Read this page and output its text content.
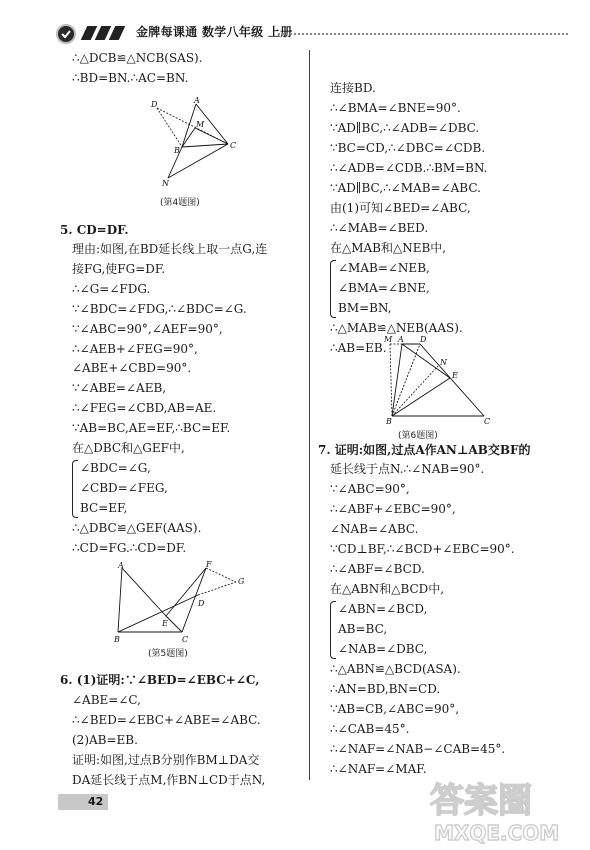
金牌每课通 数学八年级 上册
∴△DCB≌△NCB(SAS).
∴BD=BN.∴AC=BN.
D	A
M
B
C
N
(第4题图)
5. CD=DF.
理由:如图,在BD延长线上取一点G,连
接FG,使FG=DF.
∴∠G=∠FDG.
∵∠BDC=∠FDG,∴∠BDC=∠G.
∵∠ABC=90°,∠AEF=90°,
∴∠AEB+∠FEG=90°,
∠ABE+∠CBD=90°.
∵∠ABE=∠AEB,
∴∠FEG=∠CBD,AB=AE.
∵AB=BC,AE=EF,∴BC=EF.
在△DBC和△GEF中,
∠BDC=∠G,
∠CBD=∠FEG,
BC=EF,
∴△DBC≌△GEF(AAS).
∴CD=FG.∴CD=DF.
A	F
G
D
E
B	C
(第5题图)
6. (1)证明:∵∠BED=∠EBC+∠C,
∠ABE=∠C,
∴∠BED=∠EBC+∠ABE=∠ABC.
(2)AB=EB.
证明:如图,过点B分别作BM⊥DA交
DA延长线于点M,作BN⊥CD于点N,
连接BD.
∴∠BMA=∠BNE=90°.
∵AD∥BC,∴∠ADB=∠DBC.
∵BC=CD,∴∠DBC=∠CDB.
∴∠ADB=∠CDB.∴BM=BN.
∵AD∥BC,∴∠MAB=∠ABC.
由(1)可知∠BED=∠ABC,
∴∠MAB=∠BED.
在△MAB和△NEB中,
∠MAB=∠NEB,
∠BMA=∠BNE,
BM=BN,
∴△MAB≌△NEB(AAS).
∴AB=EB.
M A D
N
E
B	C
(第6题图)
7. 证明:如图,过点A作AN⊥AB交BF的
延长线于点N.∴∠NAB=90°.
∵∠ABC=90°,
∴∠ABF+∠EBC=90°,
∠NAB=∠ABC.
∵CD⊥BF,∴∠BCD+∠EBC=90°.
∴∠ABF=∠BCD.
在△ABN和△BCD中,
∠ABN=∠BCD,
AB=BC,
∠NAB=∠DBC,
∴△ABN≌△BCD(ASA).
∴AN=BD,BN=CD.
∵AB=CB,∠ABC=90°,
∴∠CAB=45°.
∴∠NAF=∠NAB−∠CAB=45°.
∴∠NAF=∠MAF.
42	答案圈
MXQE.COM
